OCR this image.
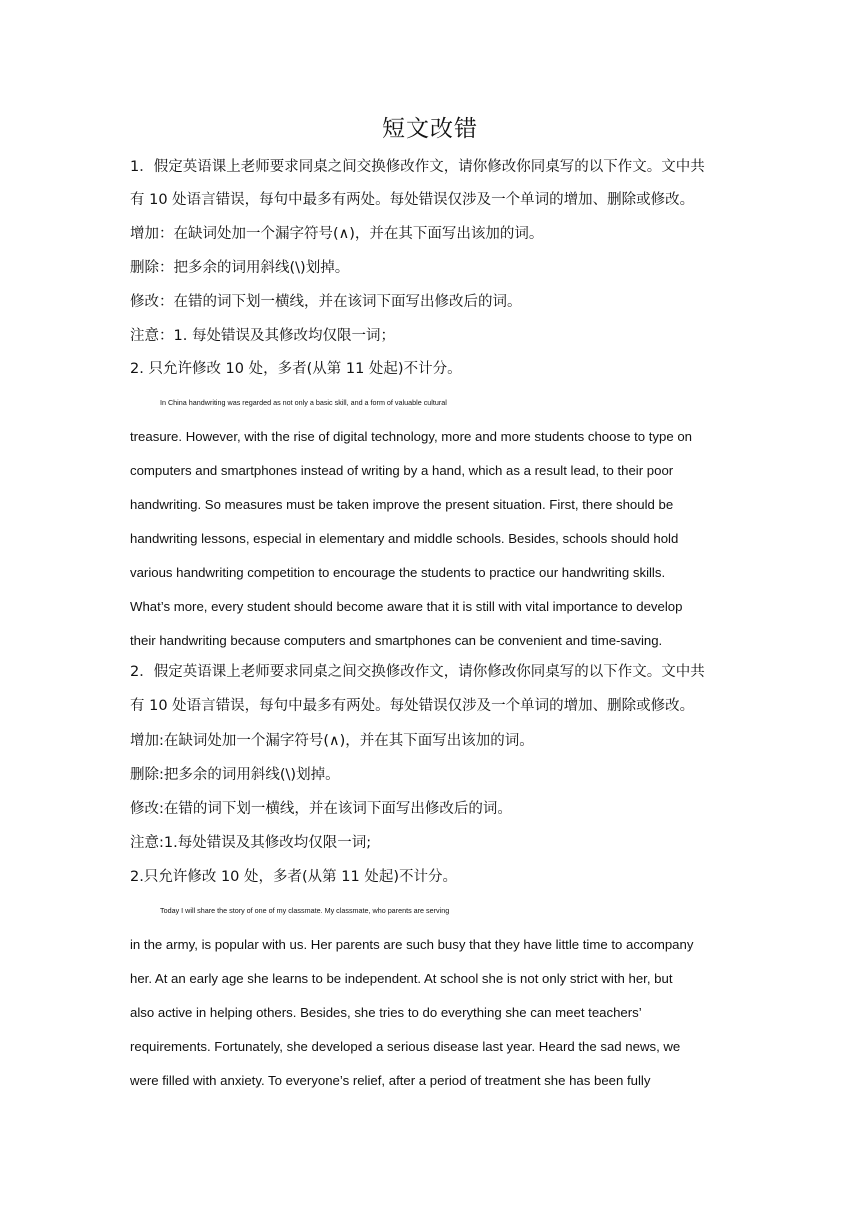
短文改错
1．假定英语课上老师要求同桌之间交换修改作文，请你修改你同桌写的以下作文。文中共
有 10 处语言错误，每句中最多有两处。每处错误仅涉及一个单词的增加、删除或修改。
增加：在缺词处加一个漏字符号(∧)，并在其下面写出该加的词。
删除：把多余的词用斜线(\)划掉。
修改：在错的词下划一横线，并在该词下面写出修改后的词。
注意：1. 每处错误及其修改均仅限一词；
2. 只允许修改 10 处，多者(从第 11 处起)不计分。
In China handwriting was regarded as not only a basic skill, and a form of valuable cultural
treasure. However, with the rise of digital technology, more and more students choose to type on
computers and smartphones instead of writing by a hand, which as a result lead, to their poor
handwriting. So measures must be taken improve the present situation. First, there should be
handwriting lessons, especial in elementary and middle schools. Besides, schools should hold
various handwriting competition to encourage the students to practice our handwriting skills.
What’s more, every student should become aware that it is still with vital importance to develop
their handwriting because computers and smartphones can be convenient and time-saving.
2．假定英语课上老师要求同桌之间交换修改作文，请你修改你同桌写的以下作文。文中共
有 10 处语言错误，每句中最多有两处。每处错误仅涉及一个单词的增加、删除或修改。
增加:在缺词处加一个漏字符号(∧)，并在其下面写出该加的词。
删除:把多余的词用斜线(\)划掉。
修改:在错的词下划一横线，并在该词下面写出修改后的词。
注意:1.每处错误及其修改均仅限一词;
2.只允许修改 10 处，多者(从第 11 处起)不计分。
Today I will share the story of one of my classmate. My classmate, who parents are serving
in the army, is popular with us. Her parents are such busy that they have little time to accompany
her. At an early age she learns to be independent. At school she is not only strict with her, but
also active in helping others. Besides, she tries to do everything she can meet teachers’
requirements. Fortunately, she developed a serious disease last year. Heard the sad news, we
were filled with anxiety. To everyone’s relief, after a period of treatment she has been fully
